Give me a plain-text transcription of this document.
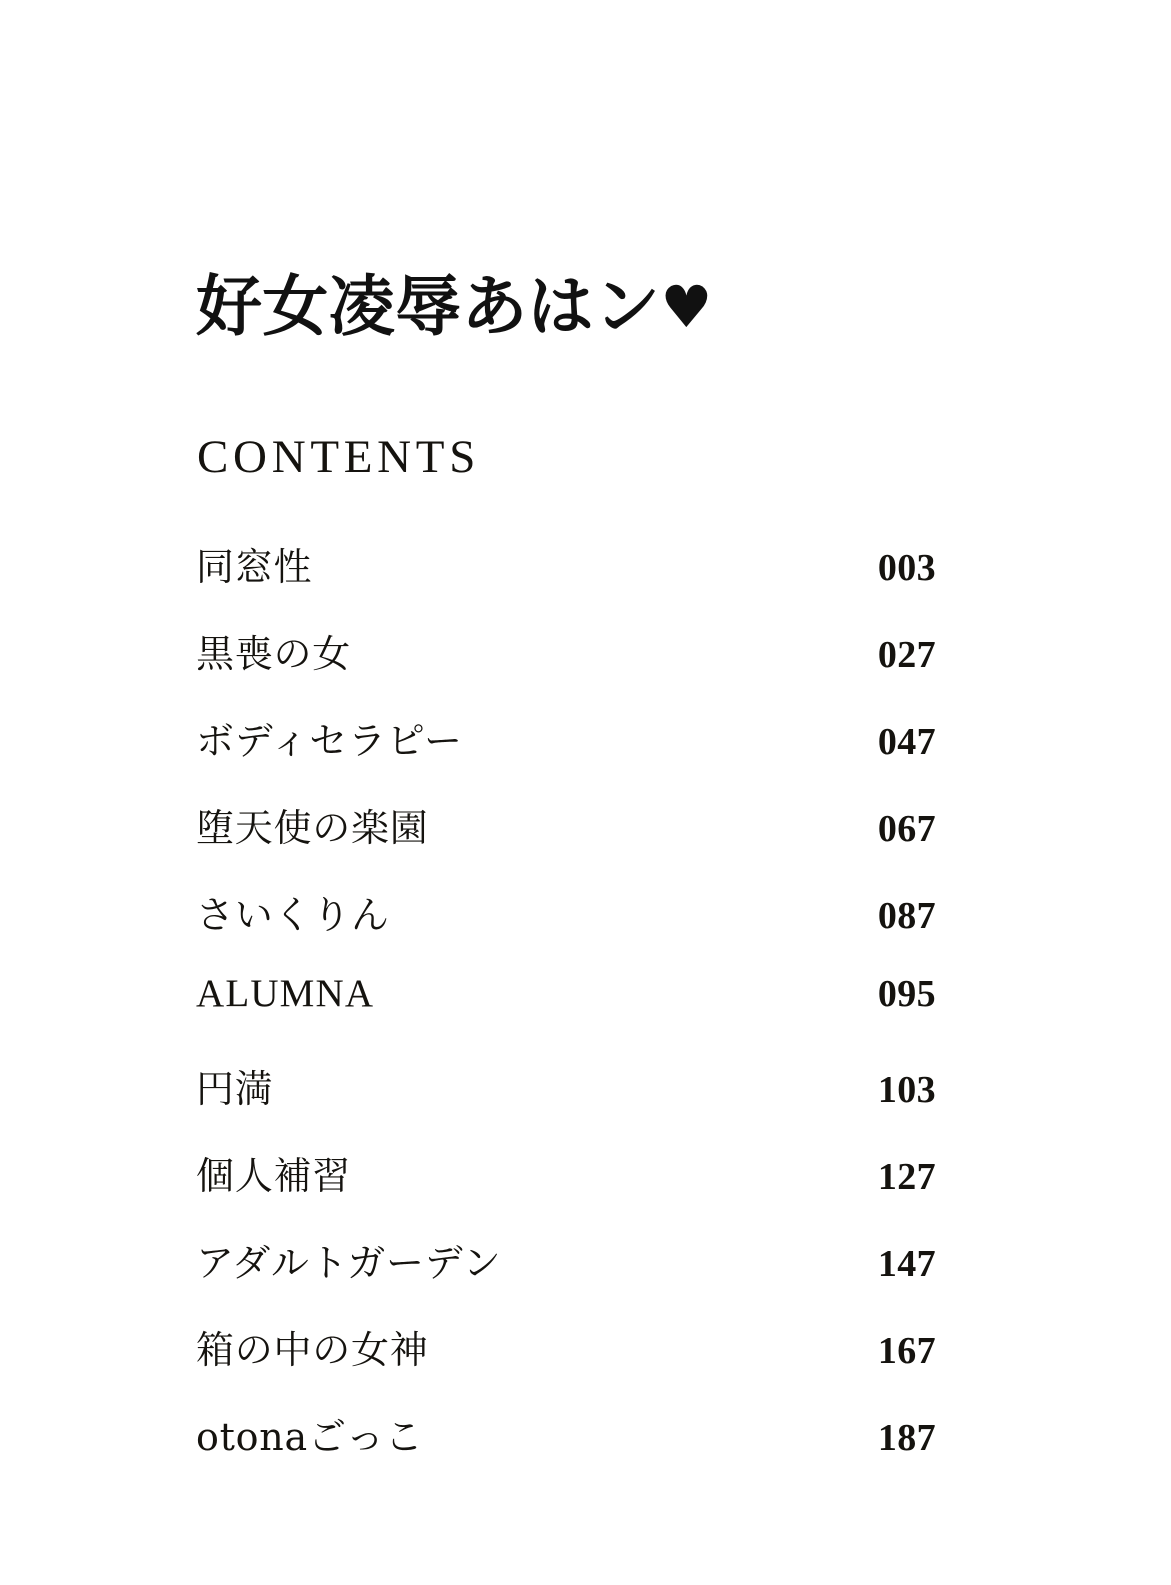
好女凌辱あはン♥
CONTENTS
同窓性	003
黒喪の女	027
ボディセラピー	047
堕天使の楽園	067
さいくりん	087
ALUMNA	095
円満	103
個人補習	127
アダルトガーデン	147
箱の中の女神	167
otonaごっこ	187
